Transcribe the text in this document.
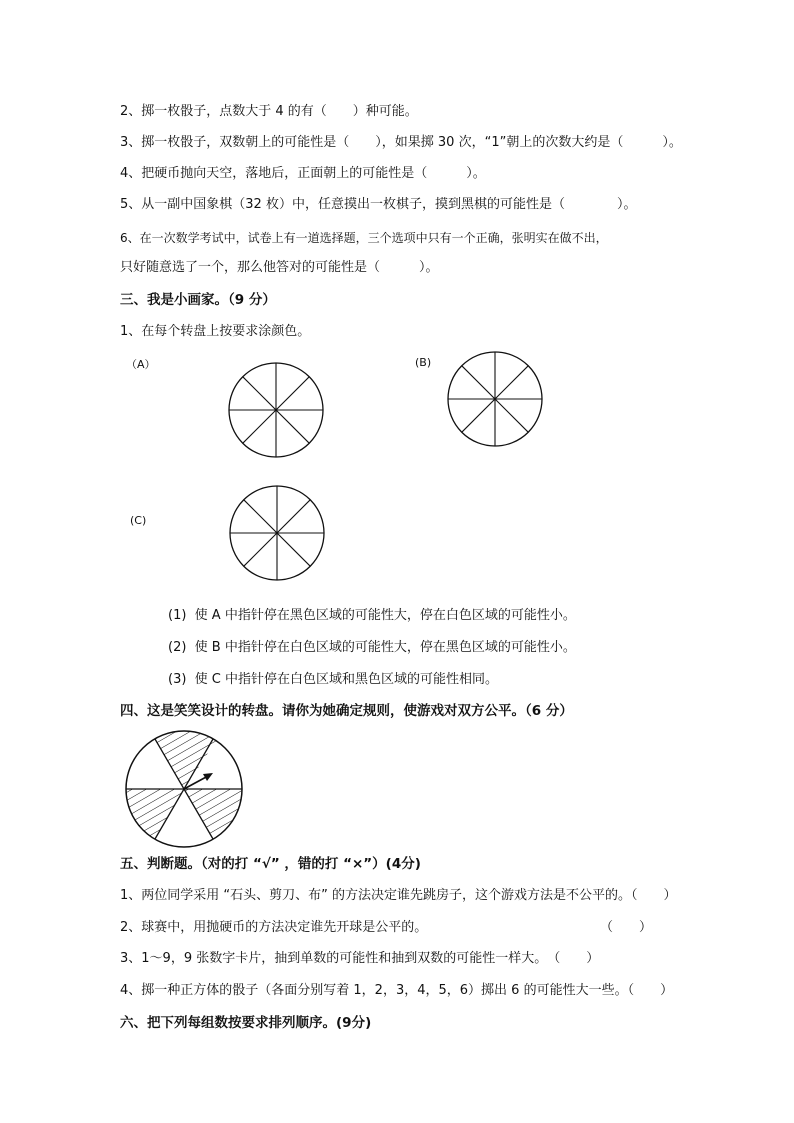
2、掷一枚骰子，点数大于 4 的有（　　）种可能。
3、掷一枚骰子，双数朝上的可能性是（　　），如果掷 30 次，“1”朝上的次数大约是（　　　）。
4、把硬币抛向天空，落地后，正面朝上的可能性是（　　　）。
5、从一副中国象棋（32 枚）中，任意摸出一枚棋子，摸到黑棋的可能性是（　　　　）。
6、在一次数学考试中，试卷上有一道选择题，三个选项中只有一个正确，张明实在做不出，
只好随意选了一个，那么他答对的可能性是（　　　）。
三、我是小画家。（9 分）
1、在每个转盘上按要求涂颜色。
（A）	(B)
(C)
(1)  使 A 中指针停在黑色区域的可能性大，停在白色区域的可能性小。
(2)  使 B 中指针停在白色区域的可能性大，停在黑色区域的可能性小。
(3)  使 C 中指针停在白色区域和黑色区域的可能性相同。
四、这是笑笑设计的转盘。请你为她确定规则，使游戏对双方公平。（6 分）
五、判断题。（对的打 “√” ，错的打 “×”）(4分)
1、两位同学采用 “石头、剪刀、布” 的方法决定谁先跳房子，这个游戏方法是不公平的。（　　）
2、球赛中，用抛硬币的方法决定谁先开球是公平的。	（　　）
3、1～9，9 张数字卡片，抽到单数的可能性和抽到双数的可能性一样大。　（　　）
4、掷一种正方体的骰子（各面分别写着 1，2，3，4，5，6）掷出 6 的可能性大一些。（　　）
六、把下列每组数按要求排列顺序。(9分)
